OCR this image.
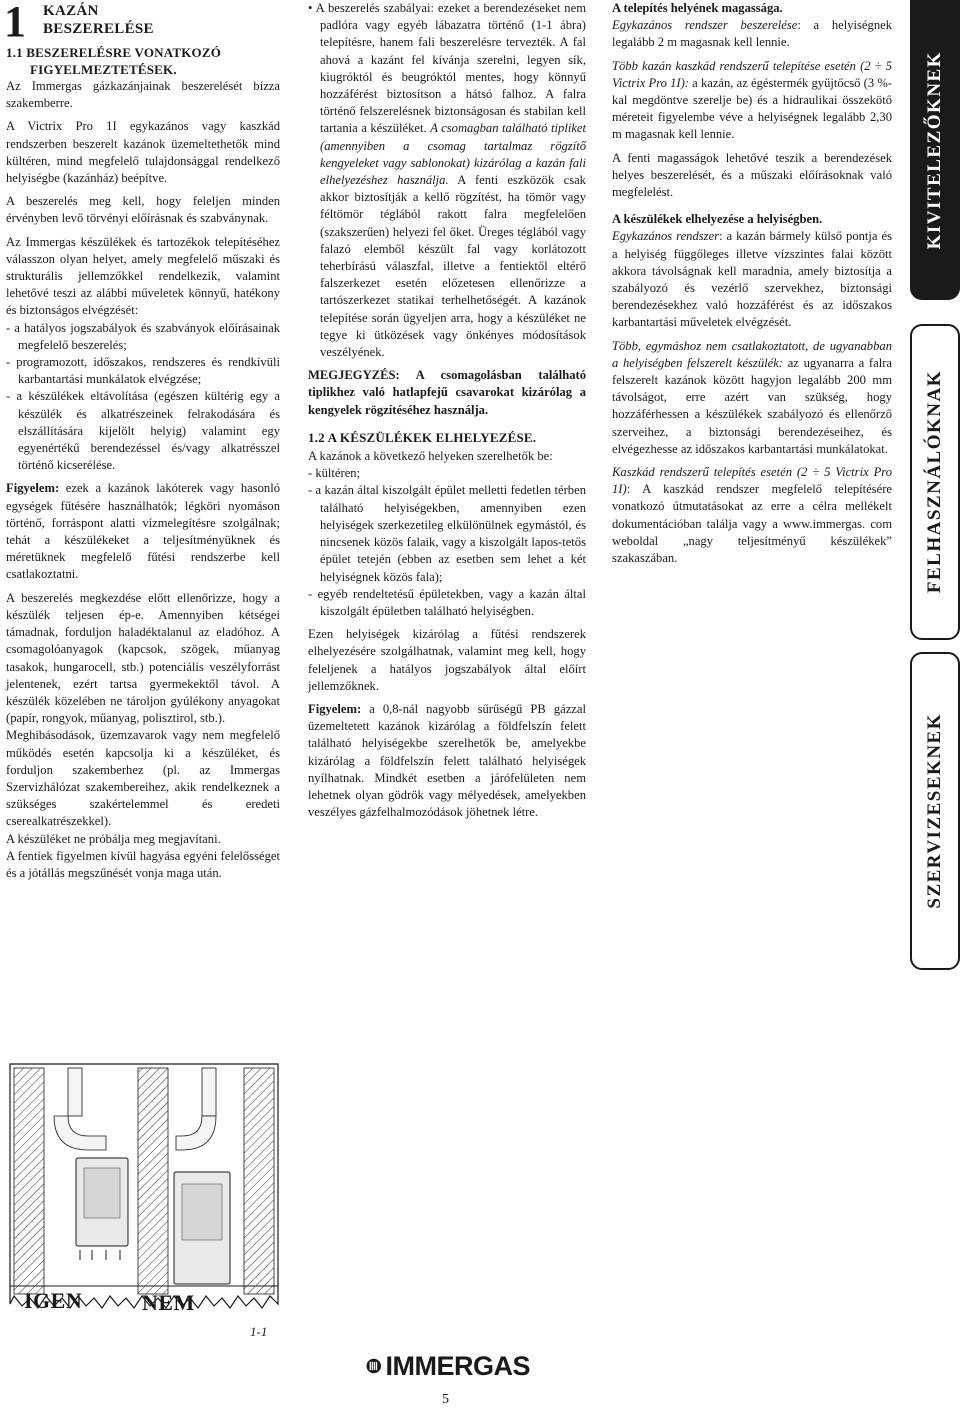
1 KAZÁN
BESZERELÉSE

1.1 BESZERELÉSRE VONATKOZÓ
FIGYELMEZTETÉSEK.

Az Immergas gázkazánjainak beszerelését bízza szakemberre.

A Victrix Pro 1I egykazános vagy kaszkád rendszerben beszerelt kazánok üzemeltethetők mind kültéren, mind megfelelő tulajdonsággal rendelkező helyiségbe (kazánház) beépítve.

A beszerelés meg kell, hogy feleljen minden érvényben levő törvényi előírásnak és szabványnak.

Az Immergas készülékek és tartozékok telepítéséhez válasszon olyan helyet, amely megfelelő műszaki és strukturális jellemzőkkel rendelkezik, valamint lehetővé teszi az alábbi műveletek könnyű, hatékony és biztonságos elvégzését:

- a hatályos jogszabályok és szabványok előírásainak megfelelő beszerelés;

- programozott, időszakos, rendszeres és rendkívüli karbantartási munkálatok elvégzése;

- a készülékek eltávolítása (egészen kültérig egy a készülék és alkatrészeinek felrakodására és elszállítására kijelölt helyig) valamint egy egyenértékű berendezéssel és/vagy alkatrésszel történő kicserélése.

Figyelem: ezek a kazánok lakóterek vagy hasonló egységek fűtésére használhatók; légköri nyomáson történő, forráspont alatti vízmelegítésre szolgálnak; tehát a készülékeket a teljesítményüknek és méretüknek megfelelő fűtési rendszerbe kell csatlakoztatni.

A beszerelés megkezdése előtt ellenőrizze, hogy a készülék teljesen ép-e. Amennyiben kétségei támadnak, forduljon haladéktalanul az eladóhoz. A csomagolóanyagok (kapcsok, szögek, műanyag tasakok, hungarocell, stb.) potenciális veszélyforrást jelentenek, ezért tartsa gyermekektől távol. A készülék közelében ne tároljon gyúlékony anyagokat (papír, rongyok, műanyag, polisztirol, stb.).

Meghibásodások, üzemzavarok vagy nem megfelelő működés esetén kapcsolja ki a készüléket, és forduljon szakemberhez (pl. az Immergas Szervizhálózat szakembereihez, akik rendelkeznek a szükséges szakértelemmel és eredeti cserealkatrészekkel).

A készüléket ne próbálja meg megjavítani.

A fentiek figyelmen kívül hagyása egyéni felelősséget és a jótállás megszűnését vonja maga után.

• A beszerelés szabályai: ezeket a berendezéseket nem padlóra vagy egyéb lábazatra történő (1-1 ábra) telepítésre, hanem fali beszerelésre tervezték. A fal ahová a kazánt fel kívánja szerelni, legyen sík, kiugróktól és beugróktól mentes, hogy könnyű hozzáférést biztosítson a hátsó falhoz. A falra történő felszerelésnek biztonságosan és stabilan kell tartania a készüléket. A csomagban található tipliket (amennyiben a csomag tartalmaz rögzítő kengyeleket vagy sablonokat) kizárólag a kazán fali elhelyezéshez használja. A fenti eszközök csak akkor biztosítják a kellő rögzítést, ha tömör vagy féltömör téglából rakott falra megfelelően (szakszerűen) helyezi fel őket. Üreges téglából vagy falazó elemből készült fal vagy korlátozott teherbírású válaszfal, illetve a fentiektől eltérő falszerkezet esetén előzetesen ellenőrizze a tartószerkezet statikai terhelhetőségét. A kazánok telepítése során ügyeljen arra, hogy a készüléket ne tegye ki ütközések vagy önkényes módosítások veszélyének.

MEGJEGYZÉS: A csomagolásban található tiplikhez való hatlapfejű csavarokat kizárólag a kengyelek rögzítéséhez használja.

1.2 A KÉSZÜLÉKEK ELHELYEZÉSE.

A kazánok a következő helyeken szerelhetők be:

- kültéren;

- a kazán által kiszolgált épület melletti fedetlen térben található helyiségekben, amennyiben ezen helyiségek szerkezetileg elkülönülnek egymástól, és nincsenek közös falaik, vagy a kiszolgált lapos-tetős épület tetején (ebben az esetben sem lehet a két helyiségnek közös fala);

- egyéb rendeltetésű épületekben, vagy a kazán által kiszolgált épületben található helyiségben.

Ezen helyiségek kizárólag a fűtési rendszerek elhelyezésére szolgálhatnak, valamint meg kell, hogy feleljenek a hatályos jogszabályok által előírt jellemzőknek.

Figyelem: a 0,8-nál nagyobb sűrűségű PB gázzal üzemeltetett kazánok kizárólag a földfelszín felett található helyiségekbe szerelhetők be, amelyekbe kizárólag a földfelszín felett található helyiségek nyílhatnak. Mindkét esetben a járófelületen nem lehetnek olyan gödrök vagy mélyedések, amelyekben veszélyes gázfelhalmozódások jöhetnek létre.

A telepítés helyének magassága.

Egykazános rendszer beszerelése: a helyiségnek legalább 2 m magasnak kell lennie.

Több kazán kaszkád rendszerű telepítése esetén (2 ÷ 5 Victrix Pro 1I): a kazán, az égéstermék gyűjtőcső (3 %-kal megdöntve szerelje be) és a hidraulikai összekötő méreteit figyelembe véve a helyiségnek legalább 2,30 m magasnak kell lennie.

A fenti magasságok lehetővé teszik a berendezések helyes beszerelését, és a műszaki előírásoknak való megfelelést.

A készülékek elhelyezése a helyiségben.

Egykazános rendszer: a kazán bármely külső pontja és a helyiség függőleges illetve vízszintes falai között akkora távolságnak kell maradnia, amely biztosítja a szabályozó és vezérlő szervekhez, biztonsági berendezésekhez való hozzáférést és az időszakos karbantartási műveletek elvégzését.

Több, egymáshoz nem csatlakoztatott, de ugyanabban a helyiségben felszerelt készülék: az ugyanarra a falra felszerelt kazánok között hagyjon legalább 200 mm távolságot, erre azért van szükség, hogy hozzáférhessen a készülékek szabályozó és ellenőrző szerveihez, a biztonsági berendezéseihez, és elvégezhesse az időszakos karbantartási munkálatokat.

Kaszkád rendszerű telepítés esetén (2 ÷ 5 Victrix Pro 1I): A kaszkád rendszer megfelelő telepítésére vonatkozó útmutatásokat az erre a célra mellékelt dokumentációban találja vagy a www.immergas. com weboldal „nagy teljesítményű készülékek” szakaszában.

KIVITELEZŐKNEK
FELHASZNÁLÓKNAK
SZERVIZESEKNEK
IGEN	NEM
1-1
IMMERGAS
5
